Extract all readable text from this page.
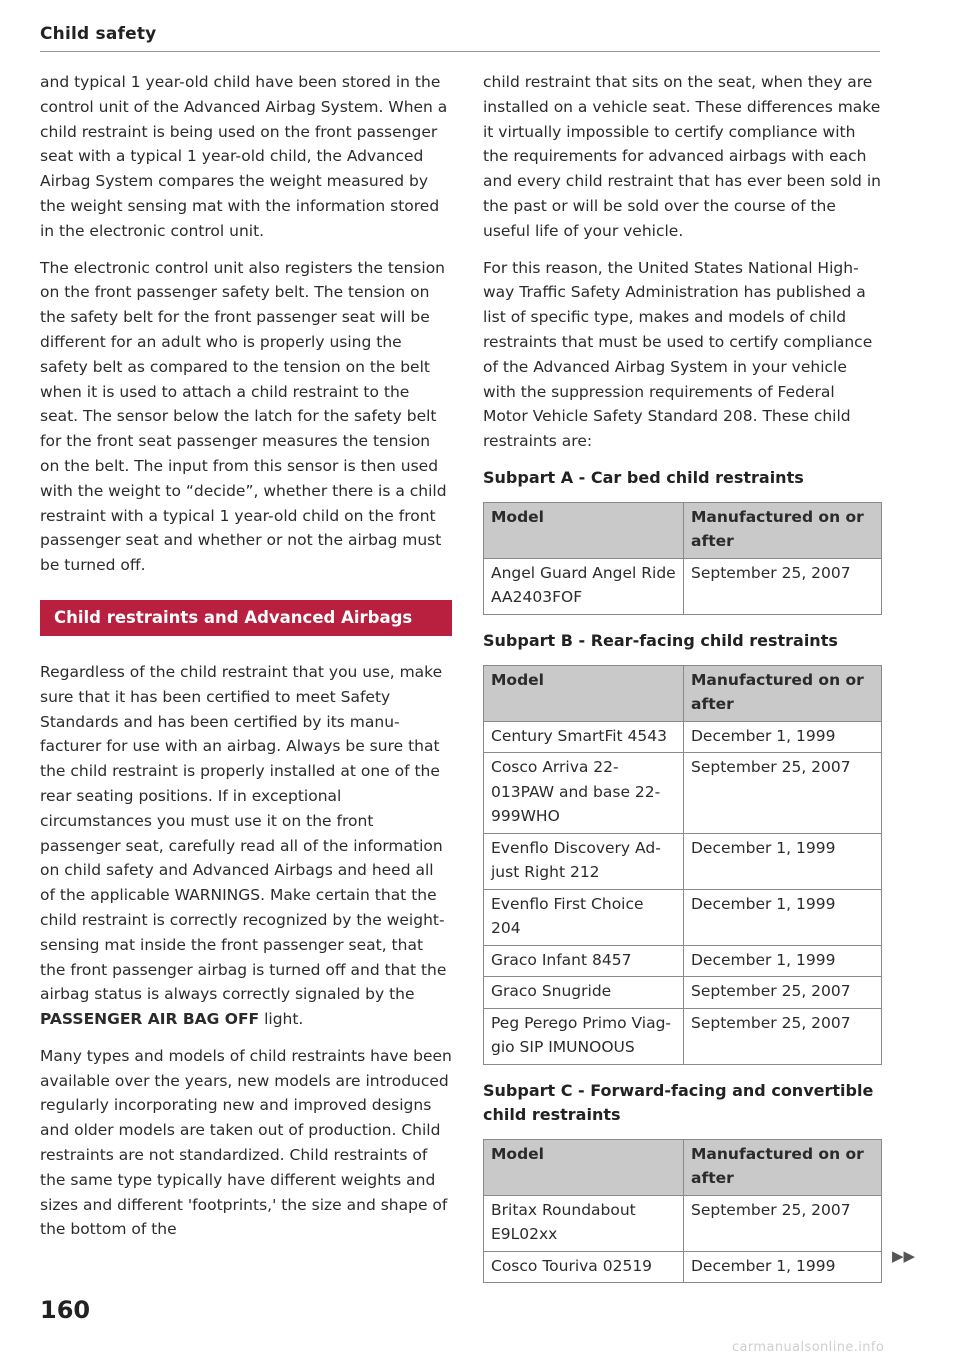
Child safety

and typical 1 year-old child have been stored in the control unit of the Advanced Airbag System. When a child restraint is being used on the front passenger seat with a typical 1 year-old child, the Advanced Airbag System compares the weight measured by the weight sensing mat with the information stored in the electronic control unit.

The electronic control unit also registers the tension on the front passenger safety belt. The tension on the safety belt for the front passenger seat will be different for an adult who is properly using the safety belt as compared to the tension on the belt when it is used to attach a child restraint to the seat. The sensor below the latch for the safety belt for the front seat passenger measures the tension on the belt. The input from this sensor is then used with the weight to “decide”, whether there is a child restraint with a typical 1 year-old child on the front passenger seat and whether or not the airbag must be turned off.

Child restraints and Advanced Airbags

Regardless of the child restraint that you use, make sure that it has been certified to meet Safety Standards and has been certified by its manufacturer for use with an airbag. Always be sure that the child restraint is properly installed at one of the rear seating positions. If in exceptional circumstances you must use it on the front passenger seat, carefully read all of the information on child safety and Advanced Airbags and heed all of the applicable WARNINGS. Make certain that the child restraint is correctly recognized by the weight-sensing mat inside the front passenger seat, that the front passenger airbag is turned off and that the airbag status is always correctly signaled by the PASSENGER AIR BAG OFF light.

Many types and models of child restraints have been available over the years, new models are introduced regularly incorporating new and improved designs and older models are taken out of production. Child restraints are not standardized. Child restraints of the same type typically have different weights and sizes and different 'footprints,' the size and shape of the bottom of the

child restraint that sits on the seat, when they are installed on a vehicle seat. These differences make it virtually impossible to certify compliance with the requirements for advanced airbags with each and every child restraint that has ever been sold in the past or will be sold over the course of the useful life of your vehicle.

For this reason, the United States National Highway Traffic Safety Administration has published a list of specific type, makes and models of child restraints that must be used to certify compliance of the Advanced Airbag System in your vehicle with the suppression requirements of Federal Motor Vehicle Safety Standard 208. These child restraints are:

Subpart A - Car bed child restraints
Model	Manufactured on or after
Angel Guard Angel Ride AA2403FOF	September 25, 2007
Subpart B - Rear-facing child restraints
Model	Manufactured on or after
Century SmartFit 4543	December 1, 1999
Cosco Arriva 22-013PAW and base 22-999WHO	September 25, 2007
Evenflo Discovery Adjust Right 212	December 1, 1999
Evenflo First Choice 204	December 1, 1999
Graco Infant 8457	December 1, 1999
Graco Snugride	September 25, 2007
Peg Perego Primo Viaggio SIP IMUNOOUS	September 25, 2007
Subpart C - Forward-facing and convertible child restraints
Model	Manufactured on or after
Britax Roundabout E9L02xx	September 25, 2007
Cosco Touriva 02519	December 1, 1999
▶▶
160
carmanualsonline.info
